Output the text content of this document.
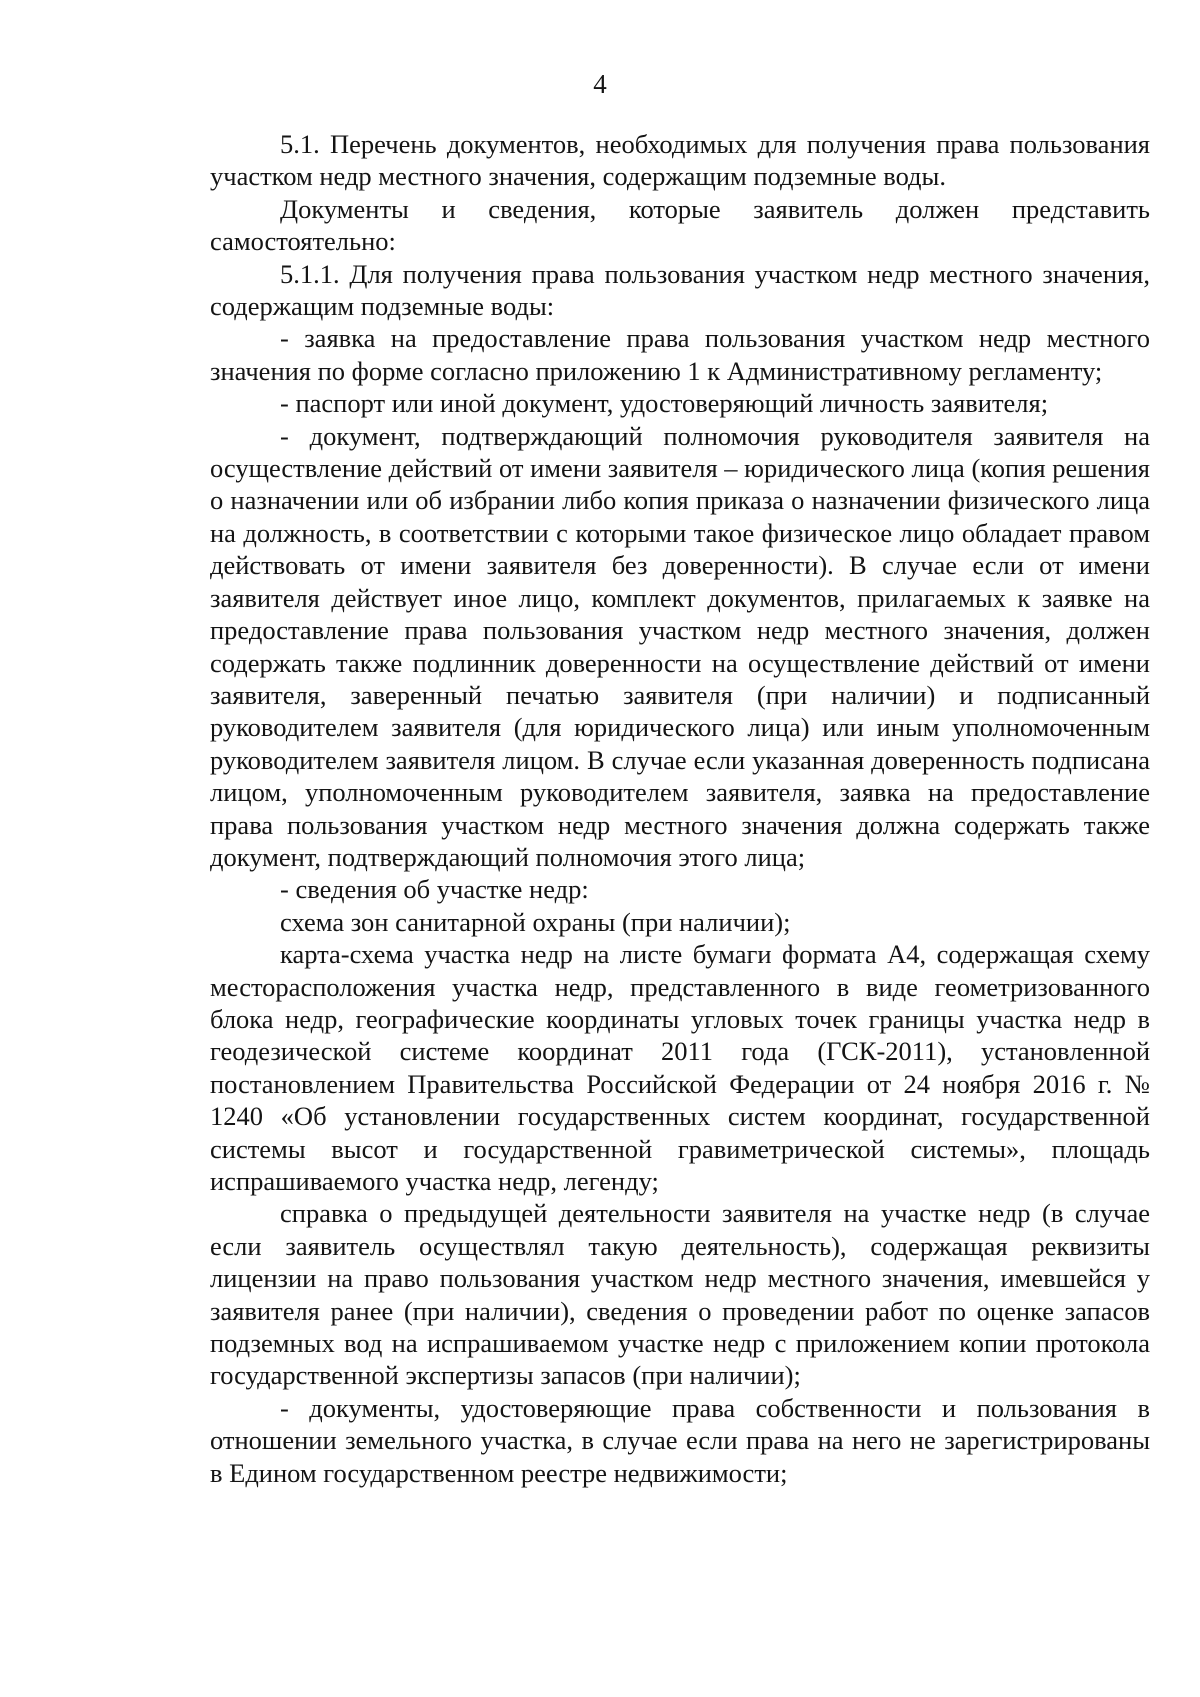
4

5.1. Перечень документов, необходимых для получения права пользования участком недр местного значения, содержащим подземные воды.

Документы и сведения, которые заявитель должен представить самостоятельно:

5.1.1. Для получения права пользования участком недр местного значения, содержащим подземные воды:

- заявка на предоставление права пользования участком недр местного значения по форме согласно приложению 1 к Административному регламенту;

- паспорт или иной документ, удостоверяющий личность заявителя;

- документ, подтверждающий полномочия руководителя заявителя на осуществление действий от имени заявителя – юридического лица (копия решения о назначении или об избрании либо копия приказа о назначении физического лица на должность, в соответствии с которыми такое физическое лицо обладает правом действовать от имени заявителя без доверенности). В случае если от имени заявителя действует иное лицо, комплект документов, прилагаемых к заявке на предоставление права пользования участком недр местного значения, должен содержать также подлинник доверенности на осуществление действий от имени заявителя, заверенный печатью заявителя (при наличии) и подписанный руководителем заявителя (для юридического лица) или иным уполномоченным руководителем заявителя лицом. В случае если указанная доверенность подписана лицом, уполномоченным руководителем заявителя, заявка на предоставление права пользования участком недр местного значения должна содержать также документ, подтверждающий полномочия этого лица;

- сведения об участке недр:

схема зон санитарной охраны (при наличии);

карта-схема участка недр на листе бумаги формата А4, содержащая схему месторасположения участка недр, представленного в виде геометризованного блока недр, географические координаты угловых точек границы участка недр в геодезической системе координат 2011 года (ГСК-2011), установленной постановлением Правительства Российской Федерации от 24 ноября 2016 г. № 1240 «Об установлении государственных систем координат, государственной системы высот и государственной гравиметрической системы», площадь испрашиваемого участка недр, легенду;

справка о предыдущей деятельности заявителя на участке недр (в случае если заявитель осуществлял такую деятельность), содержащая реквизиты лицензии на право пользования участком недр местного значения, имевшейся у заявителя ранее (при наличии), сведения о проведении работ по оценке запасов подземных вод на испрашиваемом участке недр с приложением копии протокола государственной экспертизы запасов (при наличии);

- документы, удостоверяющие права собственности и пользования в отношении земельного участка, в случае если права на него не зарегистрированы в Едином государственном реестре недвижимости;
